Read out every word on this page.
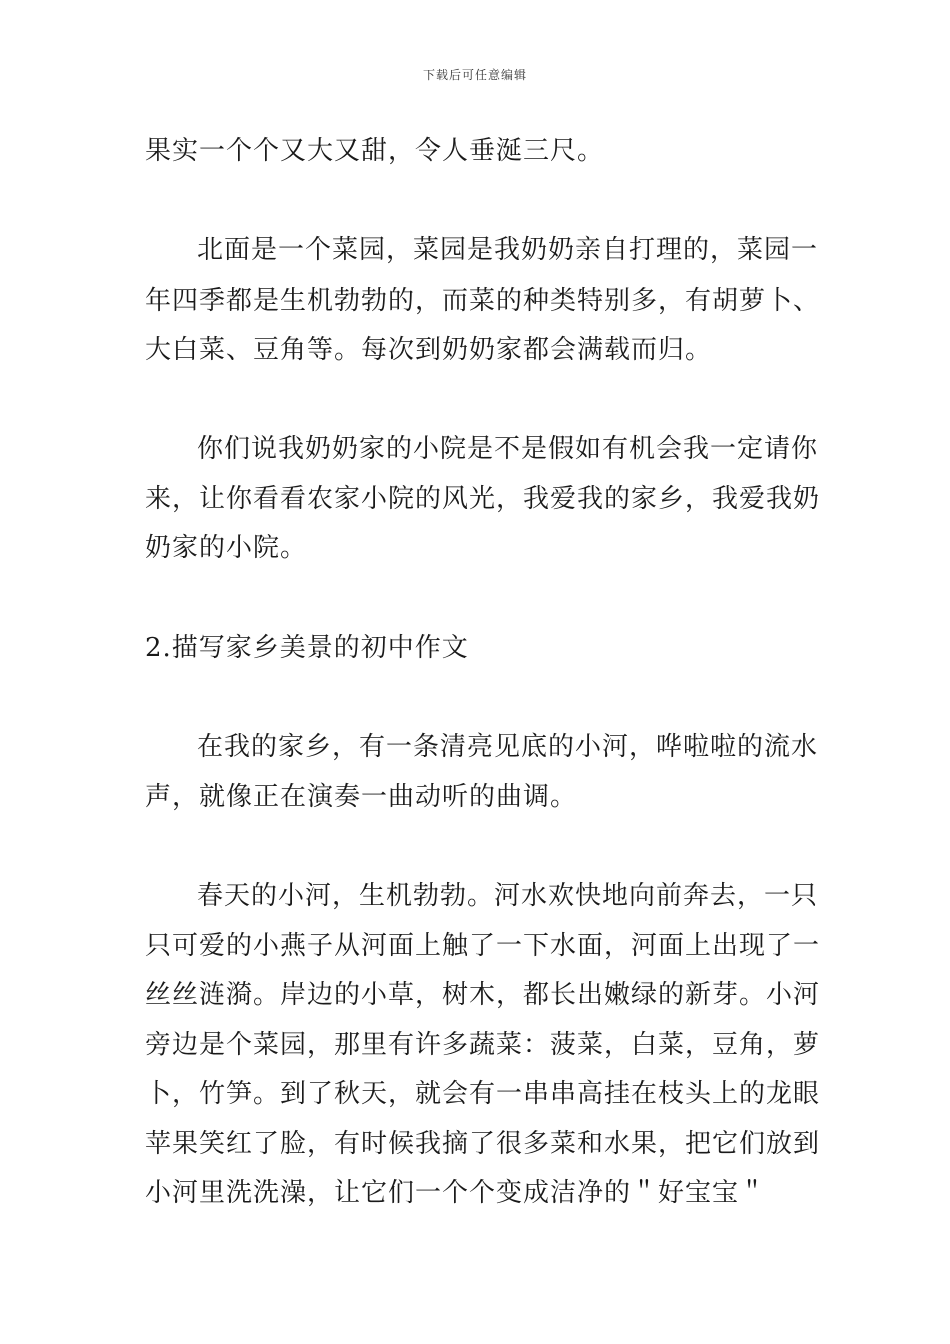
下载后可任意编辑
果实一个个又大又甜，令人垂涎三尺。
北面是一个菜园，菜园是我奶奶亲自打理的，菜园一
年四季都是生机勃勃的，而菜的种类特别多，有胡萝卜、
大白菜、豆角等。每次到奶奶家都会满载而归。
你们说我奶奶家的小院是不是假如有机会我一定请你
来，让你看看农家小院的风光，我爱我的家乡，我爱我奶
奶家的小院。
2.描写家乡美景的初中作文
在我的家乡，有一条清亮见底的小河，哗啦啦的流水
声，就像正在演奏一曲动听的曲调。
春天的小河，生机勃勃。河水欢快地向前奔去，一只
只可爱的小燕子从河面上触了一下水面，河面上出现了一
丝丝涟漪。岸边的小草，树木，都长出嫩绿的新芽。小河
旁边是个菜园，那里有许多蔬菜：菠菜，白菜，豆角，萝
卜，竹笋。到了秋天，就会有一串串高挂在枝头上的龙眼
苹果笑红了脸，有时候我摘了很多菜和水果，把它们放到
小河里洗洗澡，让它们一个个变成洁净的＂好宝宝＂
